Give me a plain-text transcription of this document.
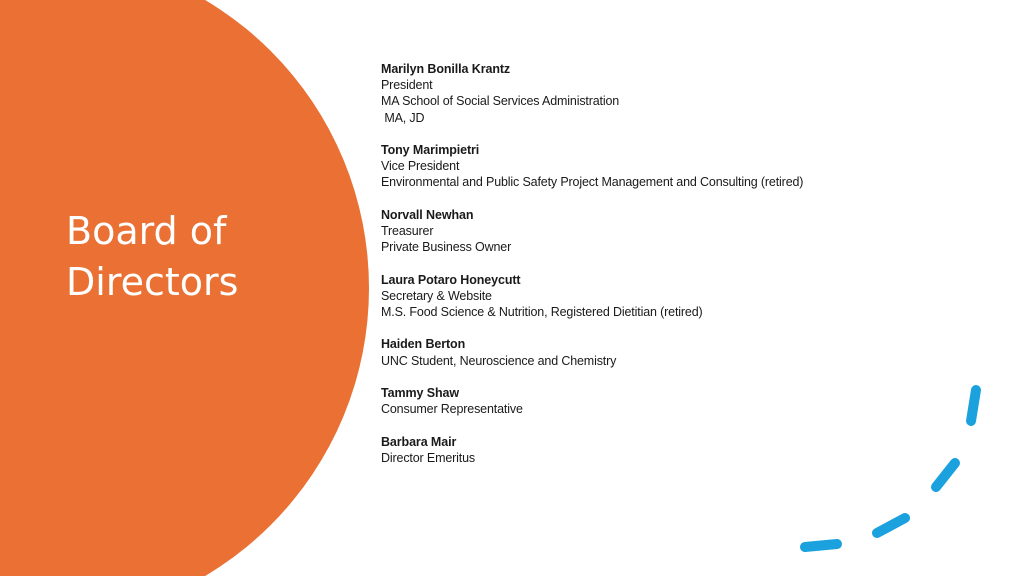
Board of
Directors
Marilyn Bonilla Krantz
President
MA School of Social Services Administration
MA, JD
Tony Marimpietri
Vice President
Environmental and Public Safety Project Management and Consulting (retired)
Norvall Newhan
Treasurer
Private Business Owner
Laura Potaro Honeycutt
Secretary & Website
M.S. Food Science & Nutrition, Registered Dietitian (retired)
Haiden Berton
UNC Student, Neuroscience and Chemistry
Tammy Shaw
Consumer Representative
Barbara Mair
Director Emeritus
